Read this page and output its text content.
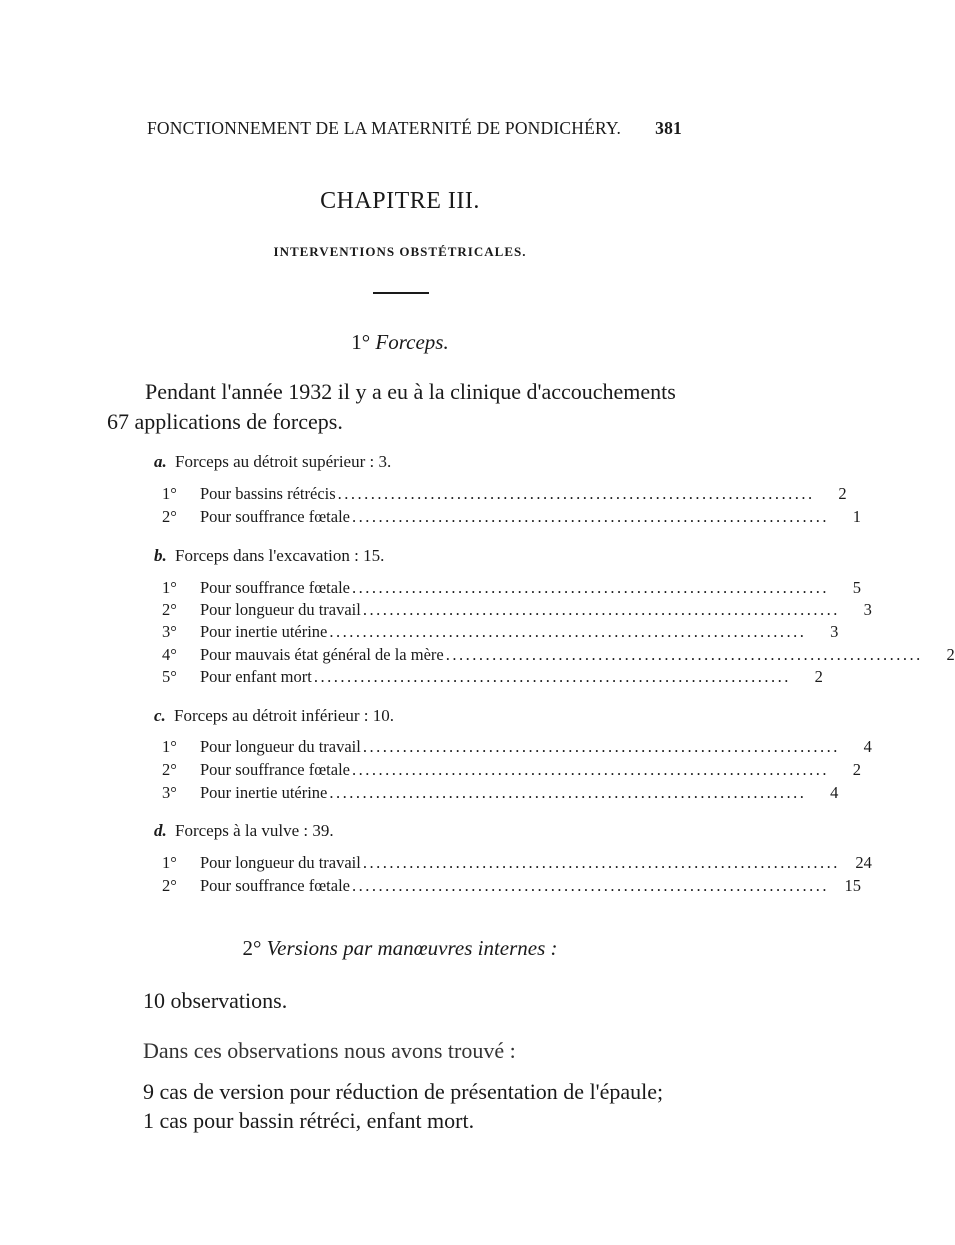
FONCTIONNEMENT DE LA MATERNITÉ DE PONDICHÉRY. 381
CHAPITRE III.
INTERVENTIONS OBSTÉTRICALES.
1° Forceps.
Pendant l'année 1932 il y a eu à la clinique d'accouchements
67 applications de forceps.
a. Forceps au détroit supérieur : 3.
1°	Pour bassins rétrécis ........................................................................	2
2°	Pour souffrance fœtale ........................................................................	1
b. Forceps dans l'excavation : 15.
1°	Pour souffrance fœtale ........................................................................	5
2°	Pour longueur du travail ........................................................................	3
3°	Pour inertie utérine ........................................................................	3
4°	Pour mauvais état général de la mère ........................................................................	2
5°	Pour enfant mort ........................................................................	2
c. Forceps au détroit inférieur : 10.
1°	Pour longueur du travail ........................................................................	4
2°	Pour souffrance fœtale ........................................................................	2
3°	Pour inertie utérine ........................................................................	4
d. Forceps à la vulve : 39.
1°	Pour longueur du travail ........................................................................ 24
2°	Pour souffrance fœtale ........................................................................ 15
2° Versions par manœuvres internes :
10 observations.
Dans ces observations nous avons trouvé :
9 cas de version pour réduction de présentation de l'épaule;
1 cas pour bassin rétréci, enfant mort.
